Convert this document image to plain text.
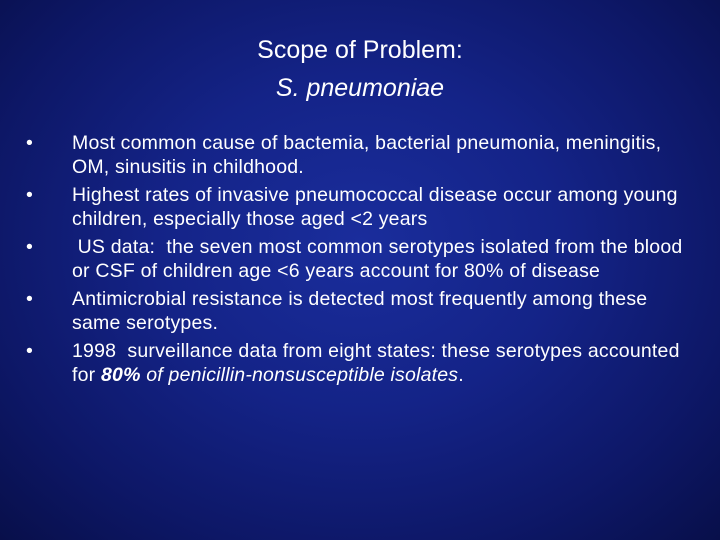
Scope of Problem:
S. pneumoniae
•	Most common cause of bactemia, bacterial pneumonia, meningitis, OM, sinusitis in childhood.
•	Highest rates of invasive pneumococcal disease occur among young children, especially those aged <2 years
•	US data:  the seven most common serotypes isolated from the blood or CSF of children age <6 years account for 80% of disease
•	Antimicrobial resistance is detected most frequently among these same serotypes.
•	1998  surveillance data from eight states: these serotypes accounted for 80% of penicillin-nonsusceptible isolates.
